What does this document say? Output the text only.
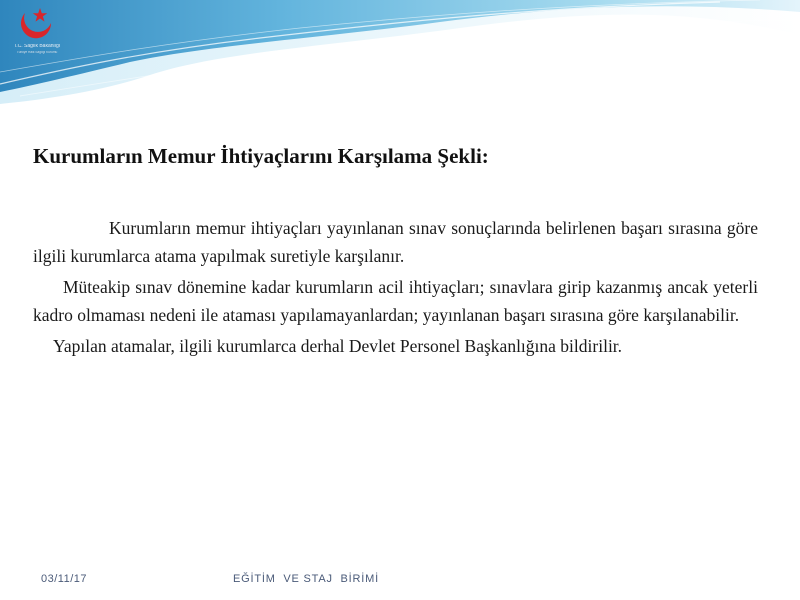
T.C. Sağlık Bakanlığı
Türkiye Halk Sağlığı Kurumu
Kurumların Memur İhtiyaçlarını Karşılama Şekli:

Kurumların memur ihtiyaçları yayınlanan sınav sonuçlarında belirlenen başarı sırasına göre ilgili kurumlarca atama yapılmak suretiyle karşılanır.

Müteakip sınav dönemine kadar kurumların acil ihtiyaçları; sınavlara girip kazanmış ancak yeterli kadro olmaması nedeni ile ataması yapılamayanlardan; yayınlanan başarı sırasına göre karşılanabilir.

Yapılan atamalar, ilgili kurumlarca derhal Devlet Personel Başkanlığına bildirilir.

03/11/17	EĞİTİM  VE STAJ  BİRİMİ
